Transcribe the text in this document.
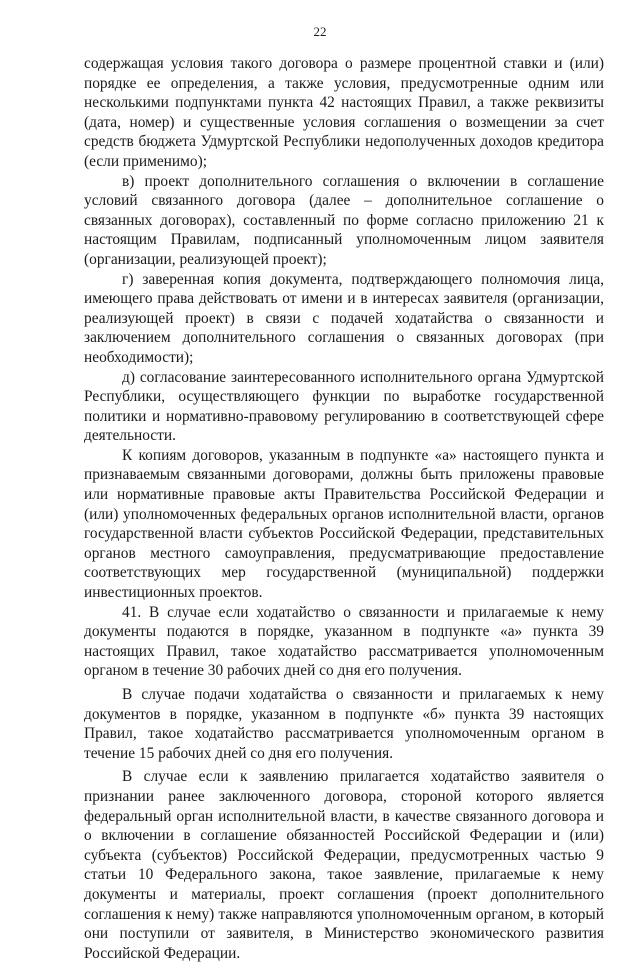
22

содержащая условия такого договора о размере процентной ставки и (или) порядке ее определения, а также условия, предусмотренные одним или несколькими подпунктами пункта 42 настоящих Правил, а также реквизиты (дата, номер) и существенные условия соглашения о возмещении за счет средств бюджета Удмуртской Республики недополученных доходов кредитора (если применимо);

в) проект дополнительного соглашения о включении в соглашение условий связанного договора (далее – дополнительное соглашение о связанных договорах), составленный по форме согласно приложению 21 к настоящим Правилам, подписанный уполномоченным лицом заявителя (организации, реализующей проект);

г) заверенная копия документа, подтверждающего полномочия лица, имеющего права действовать от имени и в интересах заявителя (организации, реализующей проект) в связи с подачей ходатайства о связанности и заключением дополнительного соглашения о связанных договорах (при необходимости);

д) согласование заинтересованного исполнительного органа Удмуртской Республики, осуществляющего функции по выработке государственной политики и нормативно-правовому регулированию в соответствующей сфере деятельности.

К копиям договоров, указанным в подпункте «а» настоящего пункта и признаваемым связанными договорами, должны быть приложены правовые или нормативные правовые акты Правительства Российской Федерации и (или) уполномоченных федеральных органов исполнительной власти, органов государственной власти субъектов Российской Федерации, представительных органов местного самоуправления, предусматривающие предоставление соответствующих мер государственной (муниципальной) поддержки инвестиционных проектов.

41. В случае если ходатайство о связанности и прилагаемые к нему документы подаются в порядке, указанном в подпункте «а» пункта 39 настоящих Правил, такое ходатайство рассматривается уполномоченным органом в течение 30 рабочих дней со дня его получения.

В случае подачи ходатайства о связанности и прилагаемых к нему документов в порядке, указанном в подпункте «б» пункта 39 настоящих Правил, такое ходатайство рассматривается уполномоченным органом в течение 15 рабочих дней со дня его получения.

В случае если к заявлению прилагается ходатайство заявителя о признании ранее заключенного договора, стороной которого является федеральный орган исполнительной власти, в качестве связанного договора и о включении в соглашение обязанностей Российской Федерации и (или) субъекта (субъектов) Российской Федерации, предусмотренных частью 9 статьи 10 Федерального закона, такое заявление, прилагаемые к нему документы и материалы, проект соглашения (проект дополнительного соглашения к нему) также направляются уполномоченным органом, в который они поступили от заявителя, в Министерство экономического развития Российской Федерации.
